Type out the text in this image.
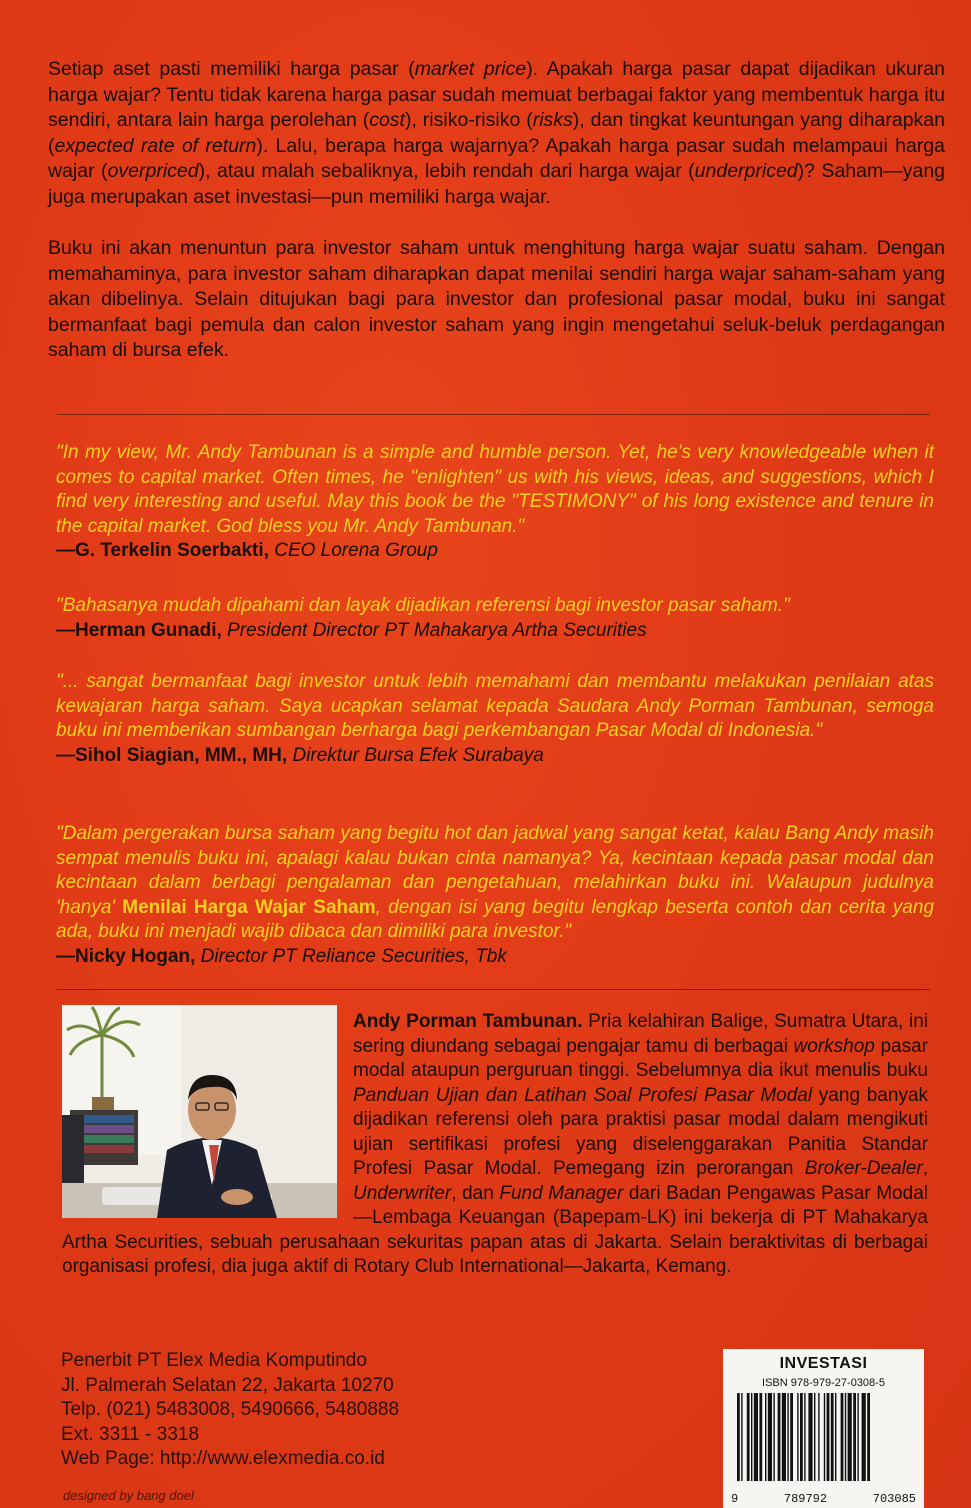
Setiap aset pasti memiliki harga pasar (market price). Apakah harga pasar dapat dijadikan ukuran harga wajar? Tentu tidak karena harga pasar sudah memuat berbagai faktor yang membentuk harga itu sendiri, antara lain harga perolehan (cost), risiko-risiko (risks), dan tingkat keuntungan yang diharapkan (expected rate of return). Lalu, berapa harga wajarnya? Apakah harga pasar sudah melampaui harga wajar (overpriced), atau malah sebaliknya, lebih rendah dari harga wajar (underpriced)? Saham—yang juga merupakan aset investasi—pun memiliki harga wajar.

Buku ini akan menuntun para investor saham untuk menghitung harga wajar suatu saham. Dengan memahaminya, para investor saham diharapkan dapat menilai sendiri harga wajar saham-saham yang akan dibelinya. Selain ditujukan bagi para investor dan profesional pasar modal, buku ini sangat bermanfaat bagi pemula dan calon investor saham yang ingin mengetahui seluk-beluk perdagangan saham di bursa efek.

"In my view, Mr. Andy Tambunan is a simple and humble person. Yet, he's very knowledgeable when it comes to capital market. Often times, he "enlighten" us with his views, ideas, and suggestions, which I find very interesting and useful. May this book be the "TESTIMONY" of his long existence and tenure in the capital market. God bless you Mr. Andy Tambunan."
—G. Terkelin Soerbakti, CEO Lorena Group
"Bahasanya mudah dipahami dan layak dijadikan referensi bagi investor pasar saham."
—Herman Gunadi, President Director PT Mahakarya Artha Securities
"... sangat bermanfaat bagi investor untuk lebih memahami dan membantu melakukan penilaian atas kewajaran harga saham. Saya ucapkan selamat kepada Saudara Andy Porman Tambunan, semoga buku ini memberikan sumbangan berharga bagi perkembangan Pasar Modal di Indonesia."
—Sihol Siagian, MM., MH, Direktur Bursa Efek Surabaya
"Dalam pergerakan bursa saham yang begitu hot dan jadwal yang sangat ketat, kalau Bang Andy masih sempat menulis buku ini, apalagi kalau bukan cinta namanya? Ya, kecintaan kepada pasar modal dan kecintaan dalam berbagi pengalaman dan pengetahuan, melahirkan buku ini. Walaupun judulnya 'hanya' Menilai Harga Wajar Saham, dengan isi yang begitu lengkap beserta contoh dan cerita yang ada, buku ini menjadi wajib dibaca dan dimiliki para investor."
—Nicky Hogan, Director PT Reliance Securities, Tbk
Andy Porman Tambunan. Pria kelahiran Balige, Sumatra Utara, ini sering diundang sebagai pengajar tamu di berbagai workshop pasar modal ataupun perguruan tinggi. Sebelumnya dia ikut menulis buku Panduan Ujian dan Latihan Soal Profesi Pasar Modal yang banyak dijadikan referensi oleh para praktisi pasar modal dalam mengikuti ujian sertifikasi profesi yang diselenggarakan Panitia Standar Profesi Pasar Modal. Pemegang izin perorangan Broker-Dealer, Underwriter, dan Fund Manager dari Badan Pengawas Pasar Modal—Lembaga Keuangan (Bapepam-LK) ini bekerja di PT Mahakarya Artha Securities, sebuah perusahaan sekuritas papan atas di Jakarta. Selain beraktivitas di berbagai organisasi profesi, dia juga aktif di Rotary Club International—Jakarta, Kemang.
Penerbit PT Elex Media Komputindo
Jl. Palmerah Selatan 22, Jakarta 10270
Telp. (021) 5483008, 5490666, 5480888
Ext. 3311 - 3318
Web Page: http://www.elexmedia.co.id
designed by bang doel
INVESTASI
ISBN 978-979-27-0308-5
9	789792	703085
